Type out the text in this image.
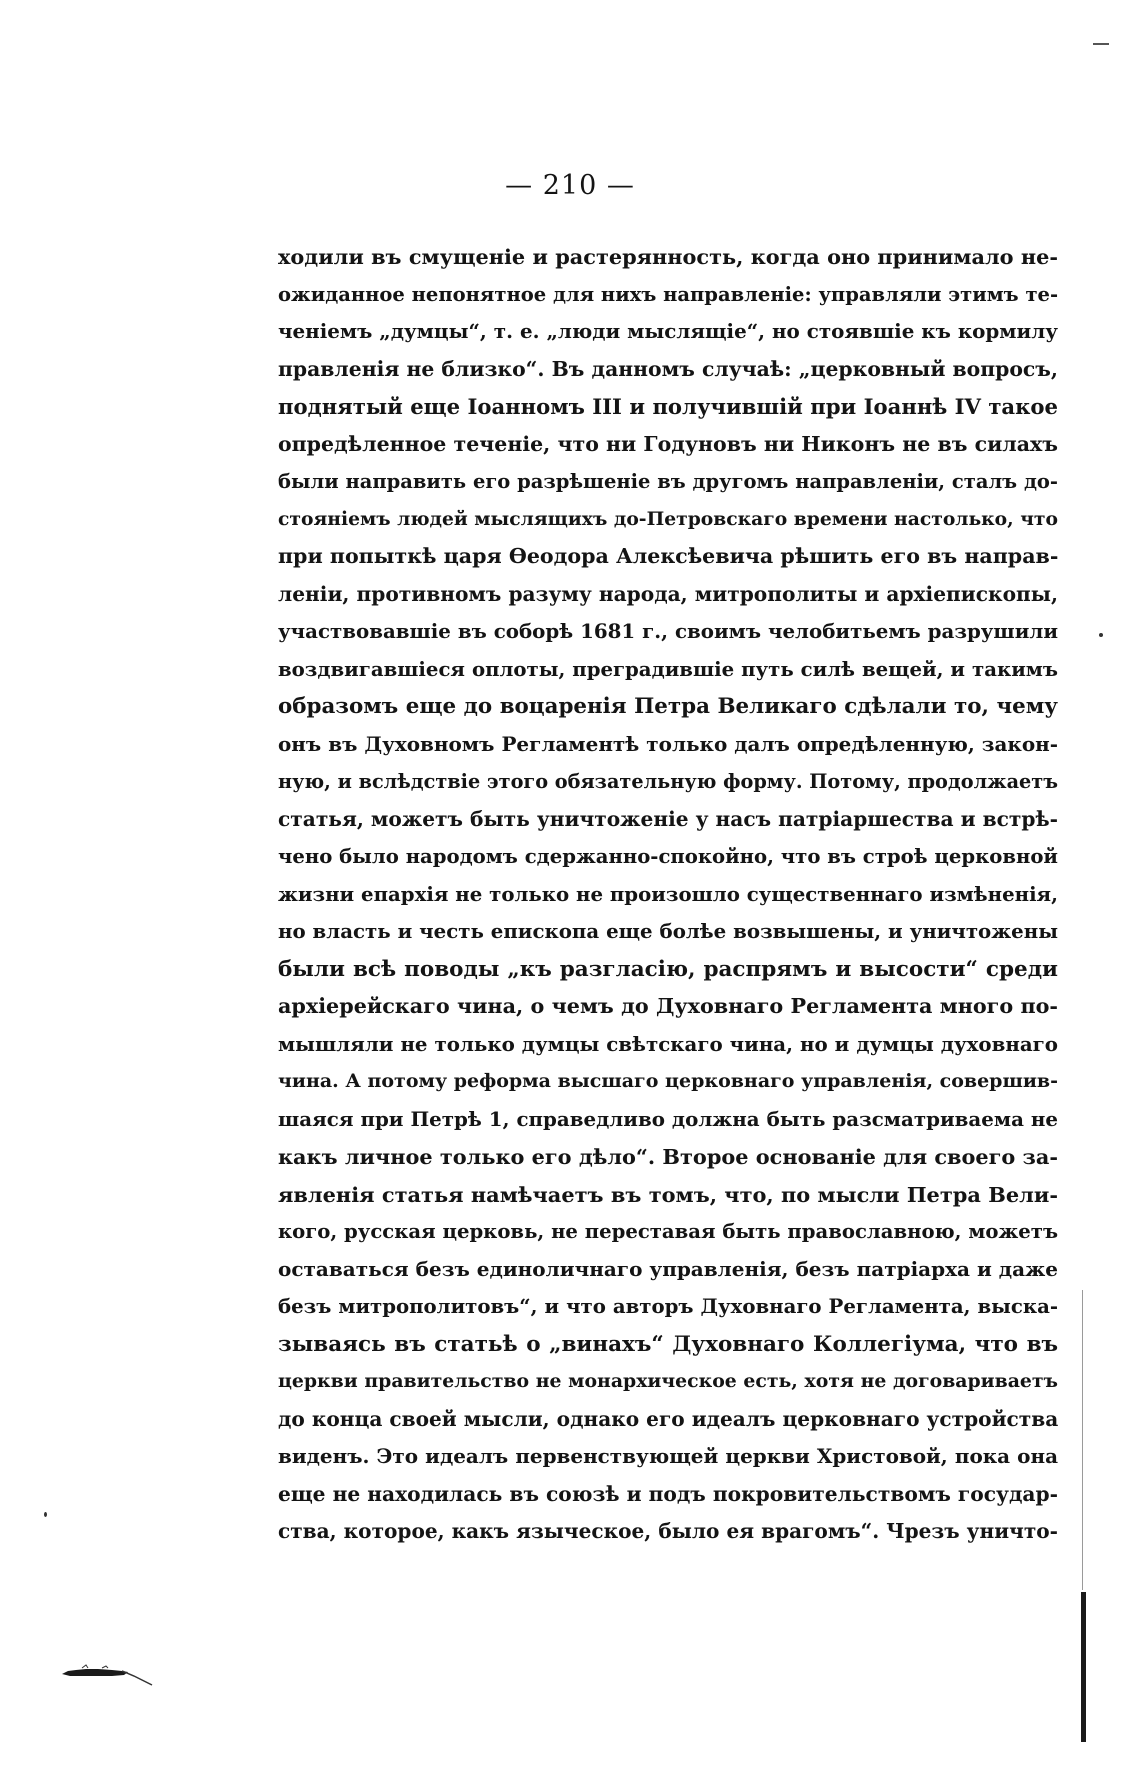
— 210 —
ходили въ смущеніе и растерянность, когда оно принимало не-
ожиданное непонятное для нихъ направленіе: управляли этимъ те-
ченіемъ „думцы“, т. е. „люди мыслящіе“, но стоявшіе къ кормилу
правленія не близко“. Въ данномъ случаѣ: „церковный вопросъ,
поднятый еще Іоанномъ III и получившій при Іоаннѣ IV такое
опредѣленное теченіе, что ни Годуновъ ни Никонъ не въ силахъ
были направить его разрѣшеніе въ другомъ направленіи, сталъ до-
стояніемъ людей мыслящихъ до-Петровскаго времени настолько, что
при попыткѣ царя Ѳеодора Алексѣевича рѣшить его въ направ-
леніи, противномъ разуму народа, митрополиты и архіепископы,
участвовавшіе въ соборѣ 1681 г., своимъ челобитьемъ разрушили
воздвигавшіеся оплоты, преградившіе путь силѣ вещей, и такимъ
образомъ еще до воцаренія Петра Великаго сдѣлали то, чему
онъ въ Духовномъ Регламентѣ только далъ опредѣленную, закон-
ную, и вслѣдствіе этого обязательную форму. Потому, продолжаетъ
статья, можетъ быть уничтоженіе у насъ патріаршества и встрѣ-
чено было народомъ сдержанно-спокойно, что въ строѣ церковной
жизни епархія не только не произошло существеннаго измѣненія,
но власть и честь епископа еще болѣе возвышены, и уничтожены
были всѣ поводы „къ разгласію, распрямъ и высости“ среди
архіерейскаго чина, о чемъ до Духовнаго Регламента много по-
мышляли не только думцы свѣтскаго чина, но и думцы духовнаго
чина. А потому реформа высшаго церковнаго управленія, совершив-
шаяся при Петрѣ 1, справедливо должна быть разсматриваема не
какъ личное только его дѣло“. Второе основаніе для своего за-
явленія статья намѣчаетъ въ томъ, что, по мысли Петра Вели-
кого, русская церковь, не переставая быть православною, можетъ
оставаться безъ единоличнаго управленія, безъ патріарха и даже
безъ митрополитовъ“, и что авторъ Духовнаго Регламента, выска-
зываясь въ статьѣ о „винахъ“ Духовнаго Коллегіума, что въ
церкви правительство не монархическое есть, хотя не договариваетъ
до конца своей мысли, однако его идеалъ церковнаго устройства
виденъ. Это идеалъ первенствующей церкви Христовой, пока она
еще не находилась въ союзѣ и подъ покровительствомъ государ-
ства, которое, какъ языческое, было ея врагомъ“. Чрезъ уничто-
